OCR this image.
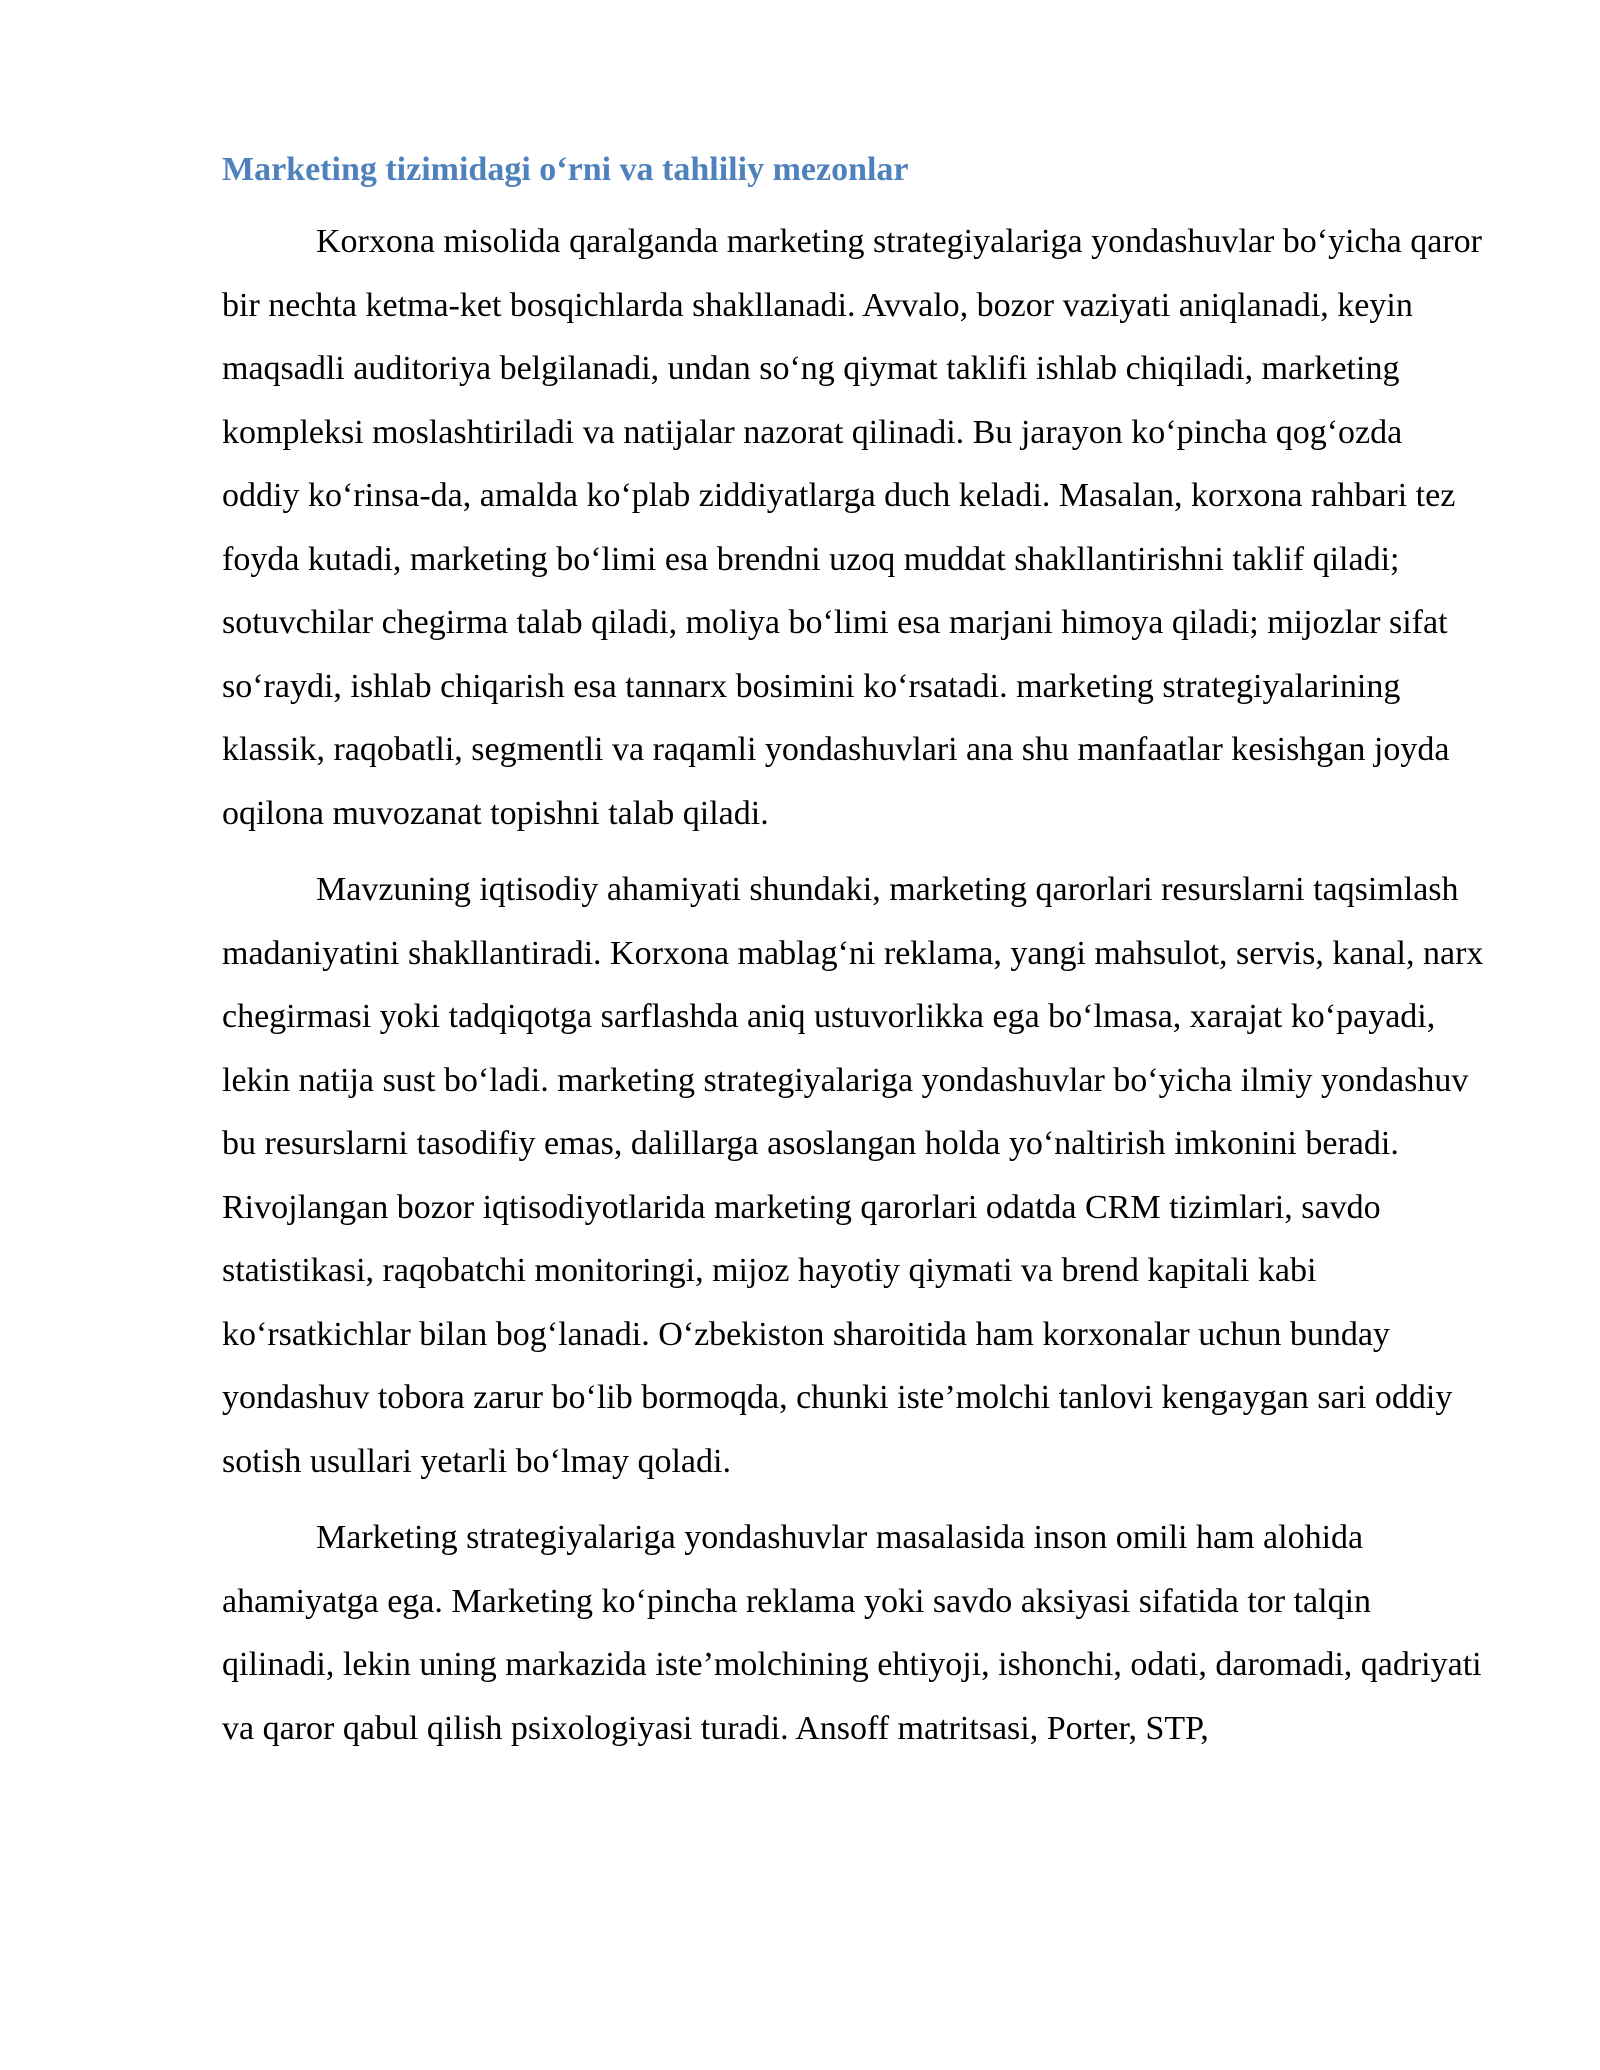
Marketing tizimidagi o‘rni va tahliliy mezonlar

Korxona misolida qaralganda marketing strategiyalariga yondashuvlar bo‘yicha qaror bir nechta ketma-ket bosqichlarda shakllanadi. Avvalo, bozor vaziyati aniqlanadi, keyin maqsadli auditoriya belgilanadi, undan so‘ng qiymat taklifi ishlab chiqiladi, marketing kompleksi moslashtiriladi va natijalar nazorat qilinadi. Bu jarayon ko‘pincha qog‘ozda oddiy ko‘rinsa-da, amalda ko‘plab ziddiyatlarga duch keladi. Masalan, korxona rahbari tez foyda kutadi, marketing bo‘limi esa brendni uzoq muddat shakllantirishni taklif qiladi; sotuvchilar chegirma talab qiladi, moliya bo‘limi esa marjani himoya qiladi; mijozlar sifat so‘raydi, ishlab chiqarish esa tannarx bosimini ko‘rsatadi. marketing strategiyalarining klassik, raqobatli, segmentli va raqamli yondashuvlari ana shu manfaatlar kesishgan joyda oqilona muvozanat topishni talab qiladi.

Mavzuning iqtisodiy ahamiyati shundaki, marketing qarorlari resurslarni taqsimlash madaniyatini shakllantiradi. Korxona mablag‘ni reklama, yangi mahsulot, servis, kanal, narx chegirmasi yoki tadqiqotga sarflashda aniq ustuvorlikka ega bo‘lmasa, xarajat ko‘payadi, lekin natija sust bo‘ladi. marketing strategiyalariga yondashuvlar bo‘yicha ilmiy yondashuv bu resurslarni tasodifiy emas, dalillarga asoslangan holda yo‘naltirish imkonini beradi. Rivojlangan bozor iqtisodiyotlarida marketing qarorlari odatda CRM tizimlari, savdo statistikasi, raqobatchi monitoringi, mijoz hayotiy qiymati va brend kapitali kabi ko‘rsatkichlar bilan bog‘lanadi. O‘zbekiston sharoitida ham korxonalar uchun bunday yondashuv tobora zarur bo‘lib bormoqda, chunki iste’molchi tanlovi kengaygan sari oddiy sotish usullari yetarli bo‘lmay qoladi.

Marketing strategiyalariga yondashuvlar masalasida inson omili ham alohida ahamiyatga ega. Marketing ko‘pincha reklama yoki savdo aksiyasi sifatida tor talqin qilinadi, lekin uning markazida iste’molchining ehtiyoji, ishonchi, odati, daromadi, qadriyati va qaror qabul qilish psixologiyasi turadi. Ansoff matritsasi, Porter, STP,
